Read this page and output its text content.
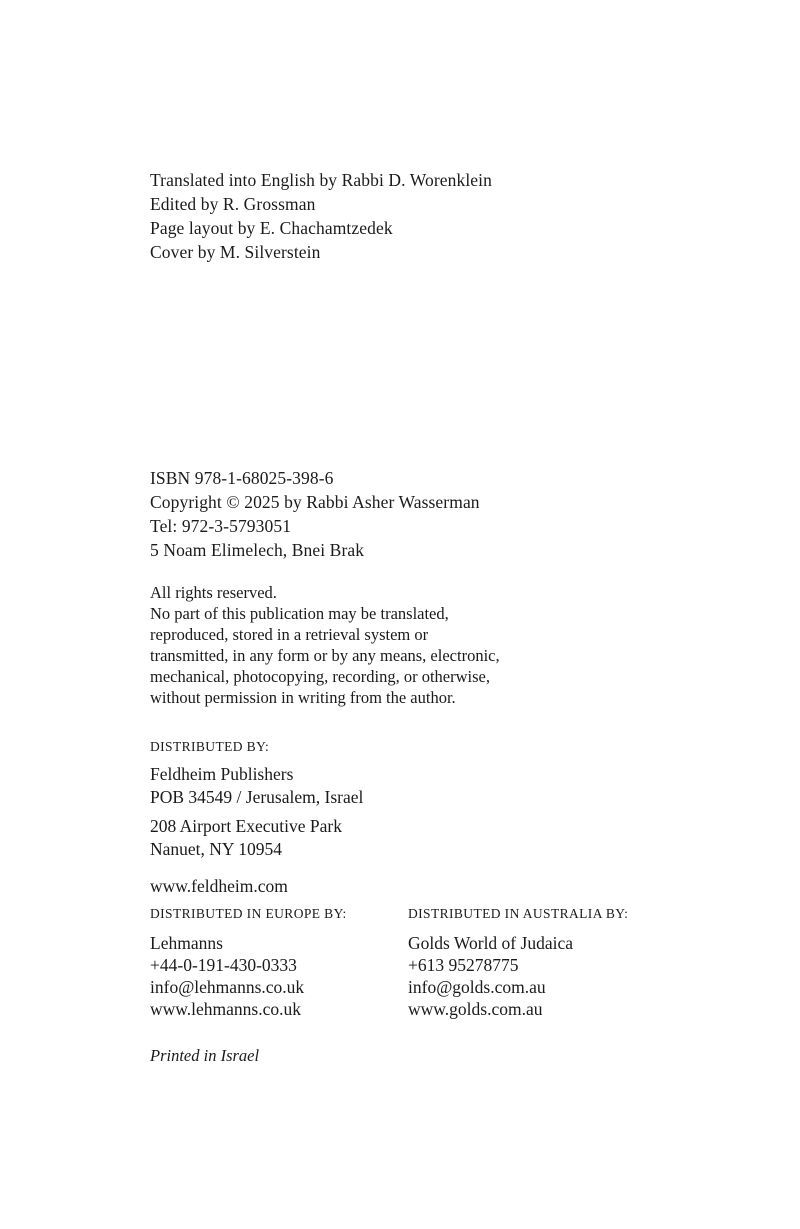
Translated into English by Rabbi D. Worenklein
Edited by R. Grossman
Page layout by E. Chachamtzedek
Cover by M. Silverstein
ISBN 978-1-68025-398-6
Copyright © 2025 by Rabbi Asher Wasserman
Tel: 972-3-5793051
5 Noam Elimelech, Bnei Brak
All rights reserved.
No part of this publication may be translated,
reproduced, stored in a retrieval system or
transmitted, in any form or by any means, electronic,
mechanical, photocopying, recording, or otherwise,
without permission in writing from the author.
DISTRIBUTED BY:
Feldheim Publishers
POB 34549 / Jerusalem, Israel
208 Airport Executive Park
Nanuet, NY 10954
www.feldheim.com
DISTRIBUTED IN EUROPE BY:
Lehmanns
+44-0-191-430-0333
info@lehmanns.co.uk
www.lehmanns.co.uk
DISTRIBUTED IN AUSTRALIA BY:
Golds World of Judaica
+613 95278775
info@golds.com.au
www.golds.com.au
Printed in Israel
